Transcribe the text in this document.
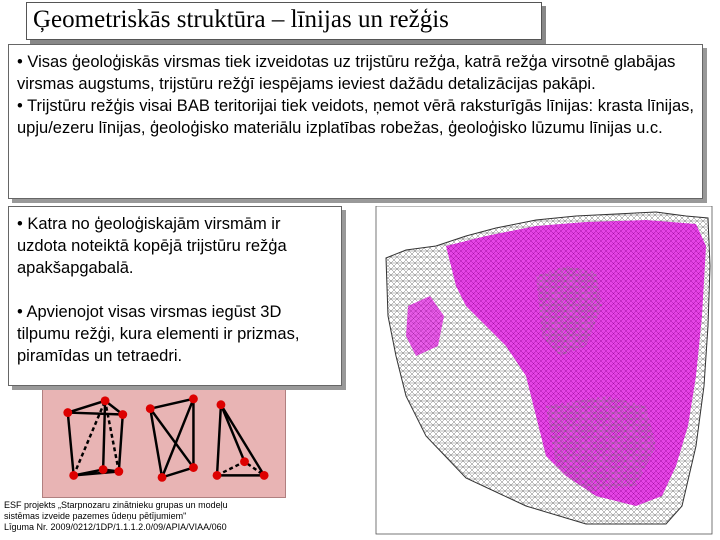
Ģeometriskās struktūra – līnijas un režģis

• Visas ģeoloģiskās virsmas tiek izveidotas uz trijstūru režģa, katrā režģa virsotnē glabājas virsmas augstums, trijstūru režģī iespējams ieviest dažādu detalizācijas pakāpi.

• Trijstūru režģis visai BAB teritorijai tiek veidots, ņemot vērā raksturīgās līnijas: krasta līnijas, upju/ezeru līnijas, ģeoloģisko materiālu izplatības robežas, ģeoloģisko lūzumu līnijas u.c.

• Katra no ģeoloģiskajām virsmām ir uzdota noteiktā kopējā trijstūru režģa apakšapgabalā.

• Apvienojot visas virsmas iegūst 3D tilpumu režģi, kura elementi ir prizmas, piramīdas un tetraedri.

ESF projekts „Starpnozaru zinātnieku grupas un modeļu
sistēmas izveide pazemes ūdeņu pētījumiem"
Līguma Nr. 2009/0212/1DP/1.1.1.2.0/09/APIA/VIAA/060
